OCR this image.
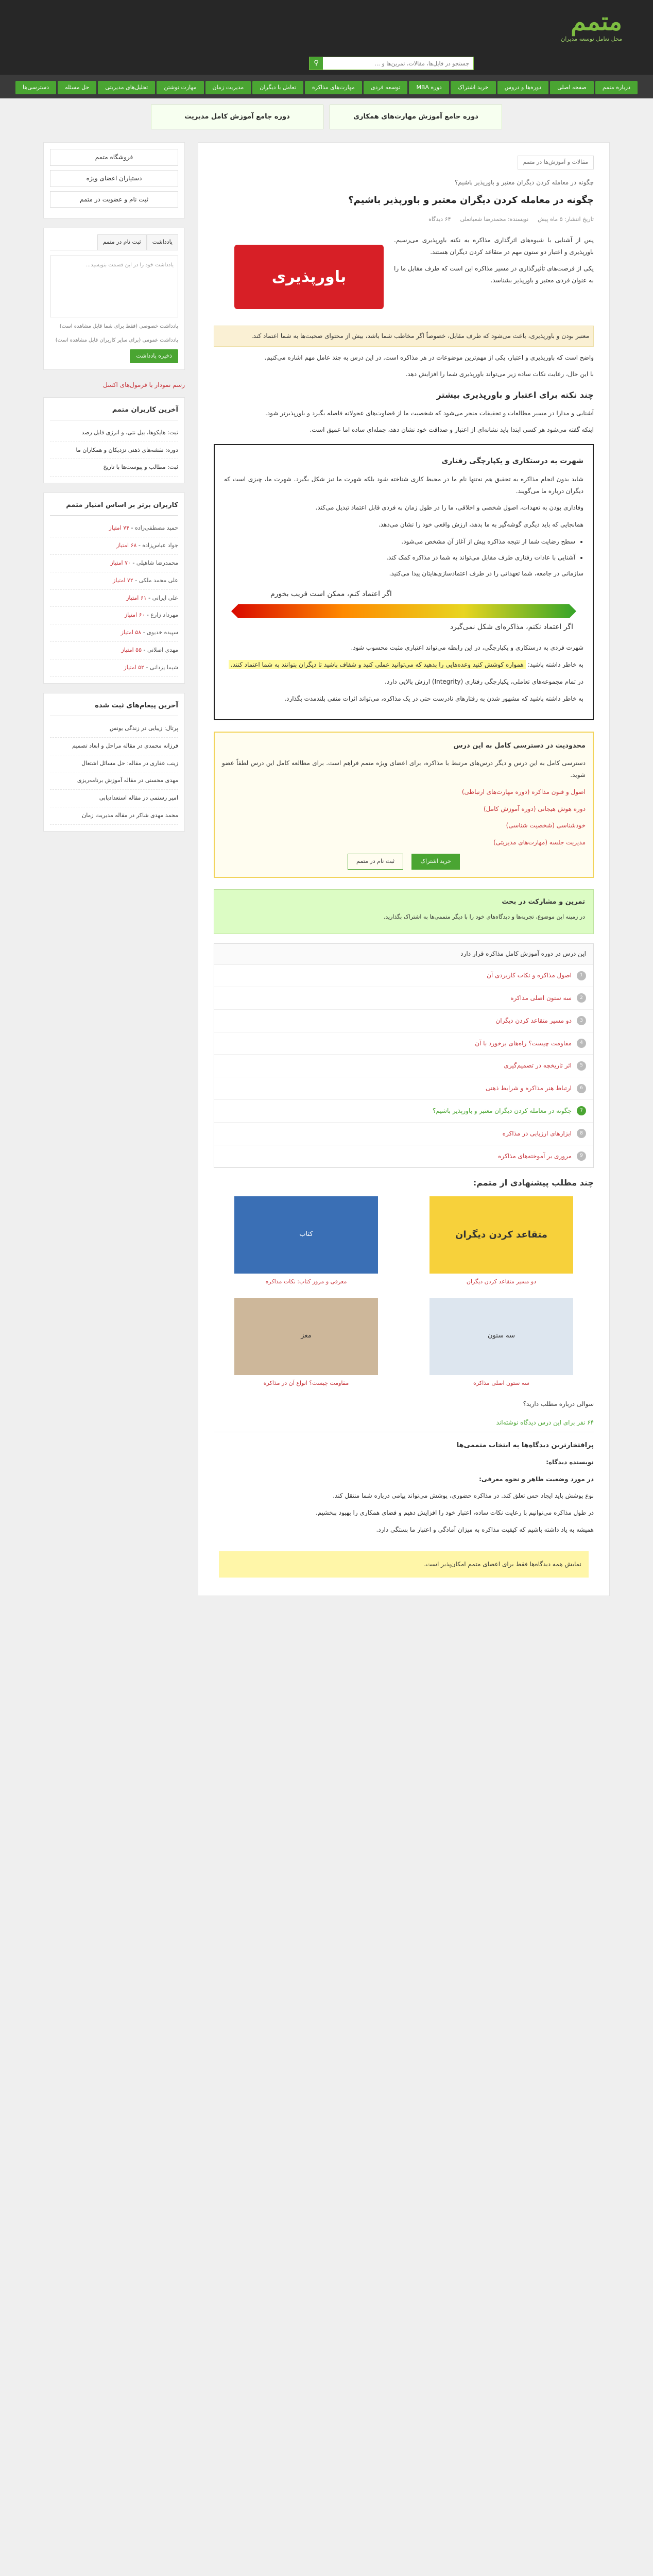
متمم
محل تعامل توسعه مدیران
جستجو در فایل‌ها، مقالات، تمرین‌ها و ...
⚲
درباره متمم
صفحه اصلی
دوره‌ها و دروس
خرید اشتراک
دوره MBA
توسعه فردی
مهارت‌های مذاکره
تعامل با دیگران
مدیریت زمان
مهارت نوشتن
تحلیل‌های مدیریتی
حل مسئله
دسترسی‌ها
دوره جامع آموزش مهارت‌های همکاری
دوره جامع آموزش کامل مدیریت
مقالات و آموزش‌ها در متمم
چگونه در معامله کردن دیگران معتبر و باورپذیر باشیم؟
چگونه در معامله کردن دیگران معتبر و باورپذیر باشیم؟
تاریخ انتشار: ۵ ماه پیش
نویسنده: محمدرضا شعبانعلی
۶۴ دیدگاه
باورپذیری

پس از آشنایی با شیوه‌های اثرگذاری مذاکره به نکته باورپذیری می‌رسیم. باورپذیری و اعتبار دو ستون مهم در متقاعد کردن دیگران هستند.

یکی از فرصت‌های تأثیرگذاری در مسیر مذاکره این است که طرف مقابل ما را به عنوان فردی معتبر و باورپذیر بشناسد.

معتبر بودن و باورپذیری، باعث می‌شود که طرف مقابل، خصوصاً اگر مخاطب شما باشد، بیش از محتوای صحبت‌ها به شما اعتماد کند.

واضح است که باورپذیری و اعتبار، یکی از مهم‌ترین موضوعات در هر مذاکره است. در این درس به چند عامل مهم اشاره می‌کنیم.

با این حال، رعایت نکات ساده زیر می‌تواند باورپذیری شما را افزایش دهد.

چند نکته برای اعتبار و باورپذیری بیشتر

آشنایی و مدارا در مسیر مطالعات و تحقیقات منجر می‌شود که شخصیت ما از قضاوت‌های عجولانه فاصله بگیرد و باورپذیرتر شود.

اینکه گفته می‌شود هر کسی ابتدا باید نشانه‌ای از اعتبار و صداقت خود نشان دهد، جمله‌ای ساده اما عمیق است.

شهرت به درستکاری و یکپارچگی رفتاری

شاید بدون انجام مذاکره به تحقیق هم نه‌تنها نام ما در محیط کاری شناخته شود بلکه شهرت ما نیز شکل بگیرد. شهرت ما، چیزی است که دیگران درباره ما می‌گویند.

وفاداری بودن به تعهدات، اصول شخصی و اخلاقی، ما را در طول زمان به فردی قابل اعتماد تبدیل می‌کند.

همانجایی که باید دیگری گوشه‌گیر به ما بدهد، ارزش واقعی خود را نشان می‌دهد.

• سطح رضایت شما از نتیجه مذاکره پیش از آغاز آن مشخص می‌شود.
• آشنایی با عادات رفتاری طرف مقابل می‌تواند به شما در مذاکره کمک کند.

سازمانی در جامعه، شما تعهداتی را در طرف اعتمادسازی‌هایتان پیدا می‌کنید.

اگر اعتماد کنم، ممکن است فریب بخورم
اگر اعتماد نکنم، مذاکره‌ای شکل نمی‌گیرد

شهرت فردی به درستکاری و یکپارچگی، در این رابطه می‌تواند اعتباری مثبت محسوب شود.

به خاطر داشته باشید: همواره کوشش کنید وعده‌هایی را بدهید که می‌توانید عملی کنید و شفاف باشید تا دیگران بتوانند به شما اعتماد کنند.

در تمام مجموعه‌های تعاملی، یکپارچگی رفتاری (Integrity) ارزش بالایی دارد.

به خاطر داشته باشید که مشهور شدن به رفتارهای نادرست حتی در یک مذاکره، می‌تواند اثرات منفی بلندمدت بگذارد.

محدودیت در دسترسی کامل به این درس

دسترسی کامل به این درس و دیگر درس‌های مرتبط با مذاکره، برای اعضای ویژه متمم فراهم است. برای مطالعه کامل این درس لطفاً عضو شوید.

اصول و فنون مذاکره (دوره مهارت‌های ارتباطی)
دوره هوش هیجانی (دوره آموزش کامل)
خودشناسی (شخصیت شناسی)
مدیریت جلسه (مهارت‌های مدیریتی)
خرید اشتراک ثبت نام در متمم
تمرین و مشارکت در بحث

در زمینه این موضوع، تجربه‌ها و دیدگاه‌های خود را با دیگر متممی‌ها به اشتراک بگذارید.

این درس در دوره آموزش کامل مذاکره قرار دارد
1
اصول مذاکره و نکات کاربردی آن
2
سه ستون اصلی مذاکره
3
دو مسیر متقاعد کردن دیگران
4
مقاومت چیست؟ راه‌های برخورد با آن
5
اثر تاریخچه در تصمیم‌گیری
6
ارتباط هنر مذاکره و شرایط ذهنی
7
چگونه در معامله کردن دیگران معتبر و باورپذیر باشیم؟
8
ابزارهای ارزیابی در مذاکره
9
مروری بر آموخته‌های مذاکره
چند مطلب پیشنهادی از متمم:
متقاعد کردن دیگران
دو مسیر متقاعد کردن دیگران
کتاب
معرفی و مرور کتاب: نکات مذاکره
سه ستون
سه ستون اصلی مذاکره
مغز
مقاومت چیست؟ انواع آن در مذاکره
سوالی درباره مطلب دارید؟
۶۴ نفر برای این درس دیدگاه نوشته‌اند
پر‌افتخارترین دیدگاه‌ها به انتخاب متممی‌ها

نویسنده دیدگاه:

در مورد وضعیت ظاهر و نحوه معرفی:

نوع پوشش باید ایجاد حس تعلق کند. در مذاکره حضوری، پوشش می‌تواند پیامی درباره شما منتقل کند.

در طول مذاکره می‌توانیم با رعایت نکات ساده، اعتبار خود را افزایش دهیم و فضای همکاری را بهبود ببخشیم.

همیشه به یاد داشته باشیم که کیفیت مذاکره به میزان آمادگی و اعتبار ما بستگی دارد.

نمایش همه دیدگاه‌ها فقط برای اعضای متمم امکان‌پذیر است.
فروشگاه متمم
دستیاران اعضای ویژه
ثبت نام و عضویت در متمم
یادداشت
ثبت نام در متمم
یادداشت خود را در این قسمت بنویسید...
یادداشت خصوصی (فقط برای شما قابل مشاهده است)
یادداشت عمومی (برای سایر کاربران قابل مشاهده است)
ذخیره یادداشت
رسم نمودار با فرمول‌های اکسل
آخرین کاربران متمم
ثبت: هایکوها، بیل نتی، و انرژی قابل رصد
دوره: نقشه‌های ذهنی نزدیکان و همکاران ما
ثبت: مطالب و پیوست‌ها با تاریخ
کاربران برتر بر اساس امتیاز متمم
حمید مصطفی‌‌زاده - ۷۴ امتیاز
جواد عباس‌زاده - ۶۸ امتیاز
محمدرضا شاهیلی - ۷۰ امتیاز
علی محمد ملکی - ۷۲ امتیاز
علی ایرانی - ۶۱ امتیاز
مهرداد زارع - ۶۰ امتیاز
سپیده خدیوی - ۵۸ امتیاز
مهدی اصلانی - ۵۵ امتیاز
شیما یزدانی - ۵۲ امتیاز
آخرین پیغام‌های ثبت شده
پرتال: زیبایی در زندگی یونس
فرزانه محمدی در مقاله مراحل و ابعاد تصمیم
زینب غفاری در مقاله: حل مسائل اشتغال
مهدی محسنی در مقاله آموزش برنامه‌ریزی
امیر رستمی در مقاله استعدادیابی
محمد مهدی شاکر در مقاله مدیریت زمان
